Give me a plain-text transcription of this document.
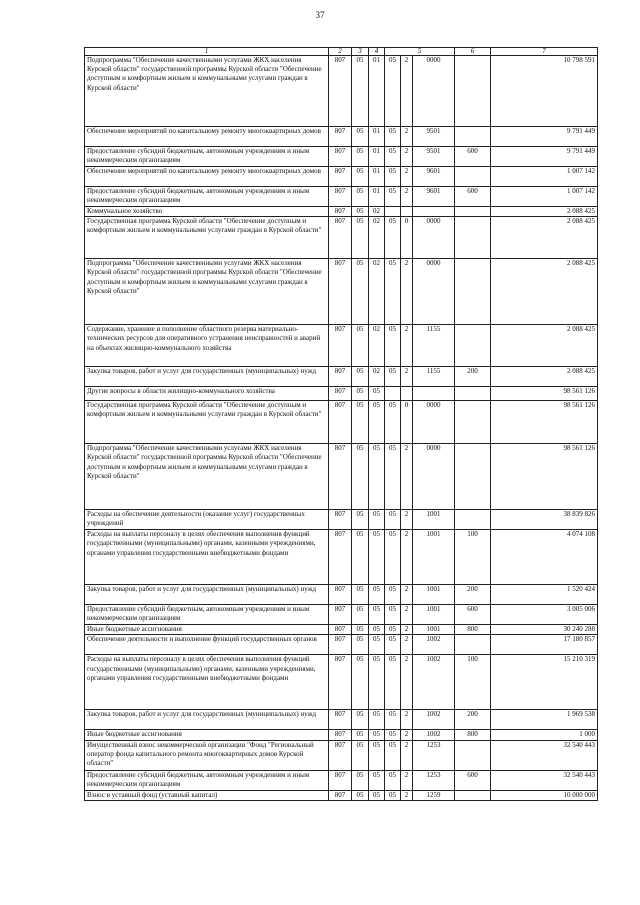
37
1	2	3	4	5			6	7
Подпрограмма "Обеспечение качественными услугами ЖКХ населения Курской области" государственной программы Курской области "Обеспечение доступным и комфортным жильем и коммунальными услугами граждан в Курской области"	807	05	01	05	2	0000		10 798 591
Обеспечение мероприятий по капитальному ремонту многоквартирных домов	807	05	01	05	2	9501		9 791 449
Предоставление субсидий бюджетным, автономным учреждениям и иным некоммерческим организациям	807	05	01	05	2	9501	600	9 791 449
Обеспечение мероприятий по капитальному ремонту многоквартирных домов	807	05	01	05	2	9601		1 007 142
Предоставление субсидий бюджетным, автономным учреждениям и иным некоммерческим организациям	807	05	01	05	2	9601	600	1 007 142
Коммунальное хозяйство	807	05	02					2 088 425
Государственная программа Курской области "Обеспечение доступным и комфортным жильем и коммунальными услугами граждан в Курской области"	807	05	02	05	0	0000		2 088 425
Подпрограмма "Обеспечение качественными услугами ЖКХ населения Курской области" государственной программы Курской области "Обеспечение доступным и комфортным жильем и коммунальными услугами граждан в Курской области"	807	05	02	05	2	0000		2 088 425
Содержание, хранение и пополнение областного резерва материально-технических ресурсов для оперативного устранения неисправностей и аварий на объектах жилищно-коммунального хозяйства	807	05	02	05	2	1155		2 088 425
Закупка товаров, работ и услуг для государственных (муниципальных) нужд	807	05	02	05	2	1155	200	2 088 425
Другие вопросы в области жилищно-коммунального хозяйства	807	05	05					98 561 126
Государственная программа Курской области "Обеспечение доступным и комфортным жильем и коммунальными услугами граждан в Курской области"	807	05	05	05	0	0000		98 561 126
Подпрограмма "Обеспечение качественными услугами ЖКХ населения Курской области" государственной программы Курской области "Обеспечение доступным и комфортным жильем и коммунальными услугами граждан в Курской области"	807	05	05	05	2	0000		98 561 126
Расходы на обеспечение деятельности (оказание услуг) государственных учреждений	807	05	05	05	2	1001		38 839 826
Расходы на выплаты персоналу в целях обеспечения выполнения функций государственными (муниципальными) органами, казенными учреждениями, органами управления государственными внебюджетными фондами	807	05	05	05	2	1001	100	4 074 108
Закупка товаров, работ и услуг для государственных (муниципальных) нужд	807	05	05	05	2	1001	200	1 520 424
Предоставление субсидий бюджетным, автономным учреждениям и иным некоммерческим организациям	807	05	05	05	2	1001	600	3 005 006
Иные бюджетные ассигнования	807	05	05	05	2	1001	800	30 240 288
Обеспечение деятельности и выполнение функций государственных органов	807	05	05	05	2	1002		17 180 857
Расходы на выплаты персоналу в целях обеспечения выполнения функций государственными (муниципальными) органами, казенными учреждениями, органами управления государственными внебюджетными фондами	807	05	05	05	2	1002	100	15 210 319
Закупка товаров, работ и услуг для государственных (муниципальных) нужд	807	05	05	05	2	1002	200	1 969 538
Иные бюджетные ассигнования	807	05	05	05	2	1002	800	1 000
Имущественный взнос некоммерческой организации "Фонд "Региональный оператор фонда капитального ремонта многоквартирных домов Курской области"	807	05	05	05	2	1253		32 540 443
Предоставление субсидий бюджетным, автономным учреждениям и иным некоммерческим организациям	807	05	05	05	2	1253	600	32 540 443
Взнос в уставный фонд (уставный капитал)	807	05	05	05	2	1259		10 000 000
